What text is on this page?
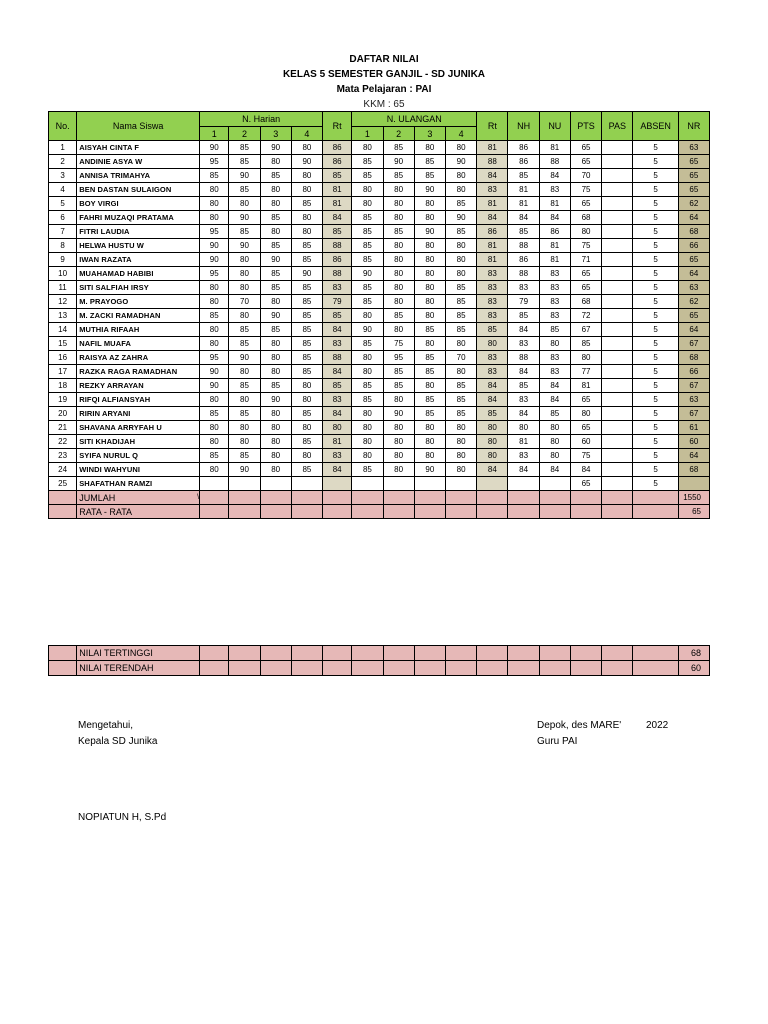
DAFTAR NILAI
KELAS 5 SEMESTER GANJIL - SD JUNIKA
Mata Pelajaran : PAI
KKM : 65
No.	Nama Siswa	N. Harian				Rt	N. ULANGAN				Rt	NH	NU	PTS	PAS	ABSEN	NR
		1	2	3	4		1	2	3	4							
1	AISYAH CINTA F	90	85	90	80	86	80	85	80	80	81	86	81	65		5	63
2	ANDINIE ASYA W	95	85	80	90	86	85	90	85	90	88	86	88	65		5	65
3	ANNISA TRIMAHYA	85	90	85	80	85	85	85	85	80	84	85	84	70		5	65
4	BEN DASTAN SULAIGON	80	85	80	80	81	80	80	90	80	83	81	83	75		5	65
5	BOY VIRGI	80	80	80	85	81	80	80	80	85	81	81	81	65		5	62
6	FAHRI MUZAQI PRATAMA	80	90	85	80	84	85	80	80	90	84	84	84	68		5	64
7	FITRI LAUDIA	95	85	80	80	85	85	85	90	85	86	85	86	80		5	68
8	HELWA HUSTU W	90	90	85	85	88	85	80	80	80	81	88	81	75		5	66
9	IWAN RAZATA	90	80	90	85	86	85	80	80	80	81	86	81	71		5	65
10	MUAHAMAD HABIBI	95	80	85	90	88	90	80	80	80	83	88	83	65		5	64
11	SITI SALFIAH IRSY	80	80	85	85	83	85	80	80	85	83	83	83	65		5	63
12	M. PRAYOGO	80	70	80	85	79	85	80	80	85	83	79	83	68		5	62
13	M. ZACKI RAMADHAN	85	80	90	85	85	80	85	80	85	83	85	83	72		5	65
14	MUTHIA RIFAAH	80	85	85	85	84	90	80	85	85	85	84	85	67		5	64
15	NAFIL MUAFA	80	85	80	85	83	85	75	80	80	80	83	80	85		5	67
16	RAISYA AZ ZAHRA	95	90	80	85	88	80	95	85	70	83	88	83	80		5	68
17	RAZKA RAGA RAMADHAN	90	80	80	85	84	80	85	85	80	83	84	83	77		5	66
18	REZKY ARRAYAN	90	85	85	80	85	85	85	80	85	84	85	84	81		5	67
19	RIFQI ALFIANSYAH	80	80	90	80	83	85	80	85	85	84	83	84	65		5	63
20	RIRIN ARYANI	85	85	80	85	84	80	90	85	85	85	84	85	80		5	67
21	SHAVANA ARRYFAH U	80	80	80	80	80	80	80	80	80	80	80	80	65		5	61
22	SITI KHADIJAH	80	80	80	85	81	80	80	80	80	80	81	80	60		5	60
23	SYIFA NURUL Q	85	85	80	80	83	80	80	80	80	80	83	80	75		5	64
24	WINDI WAHYUNI	80	90	80	85	84	85	80	90	80	84	84	84	84		5	68
25	SHAFATHAN RAMZI													65		5	
	JUMLAH \																1550
	RATA - RATA																65
	NILAI TERTINGGI																68
	NILAI TERENDAH																60
Mengetahui,
Kepala SD Junika
NOPIATUN H, S.Pd
Depok, des MARE' 2022
Guru PAI
